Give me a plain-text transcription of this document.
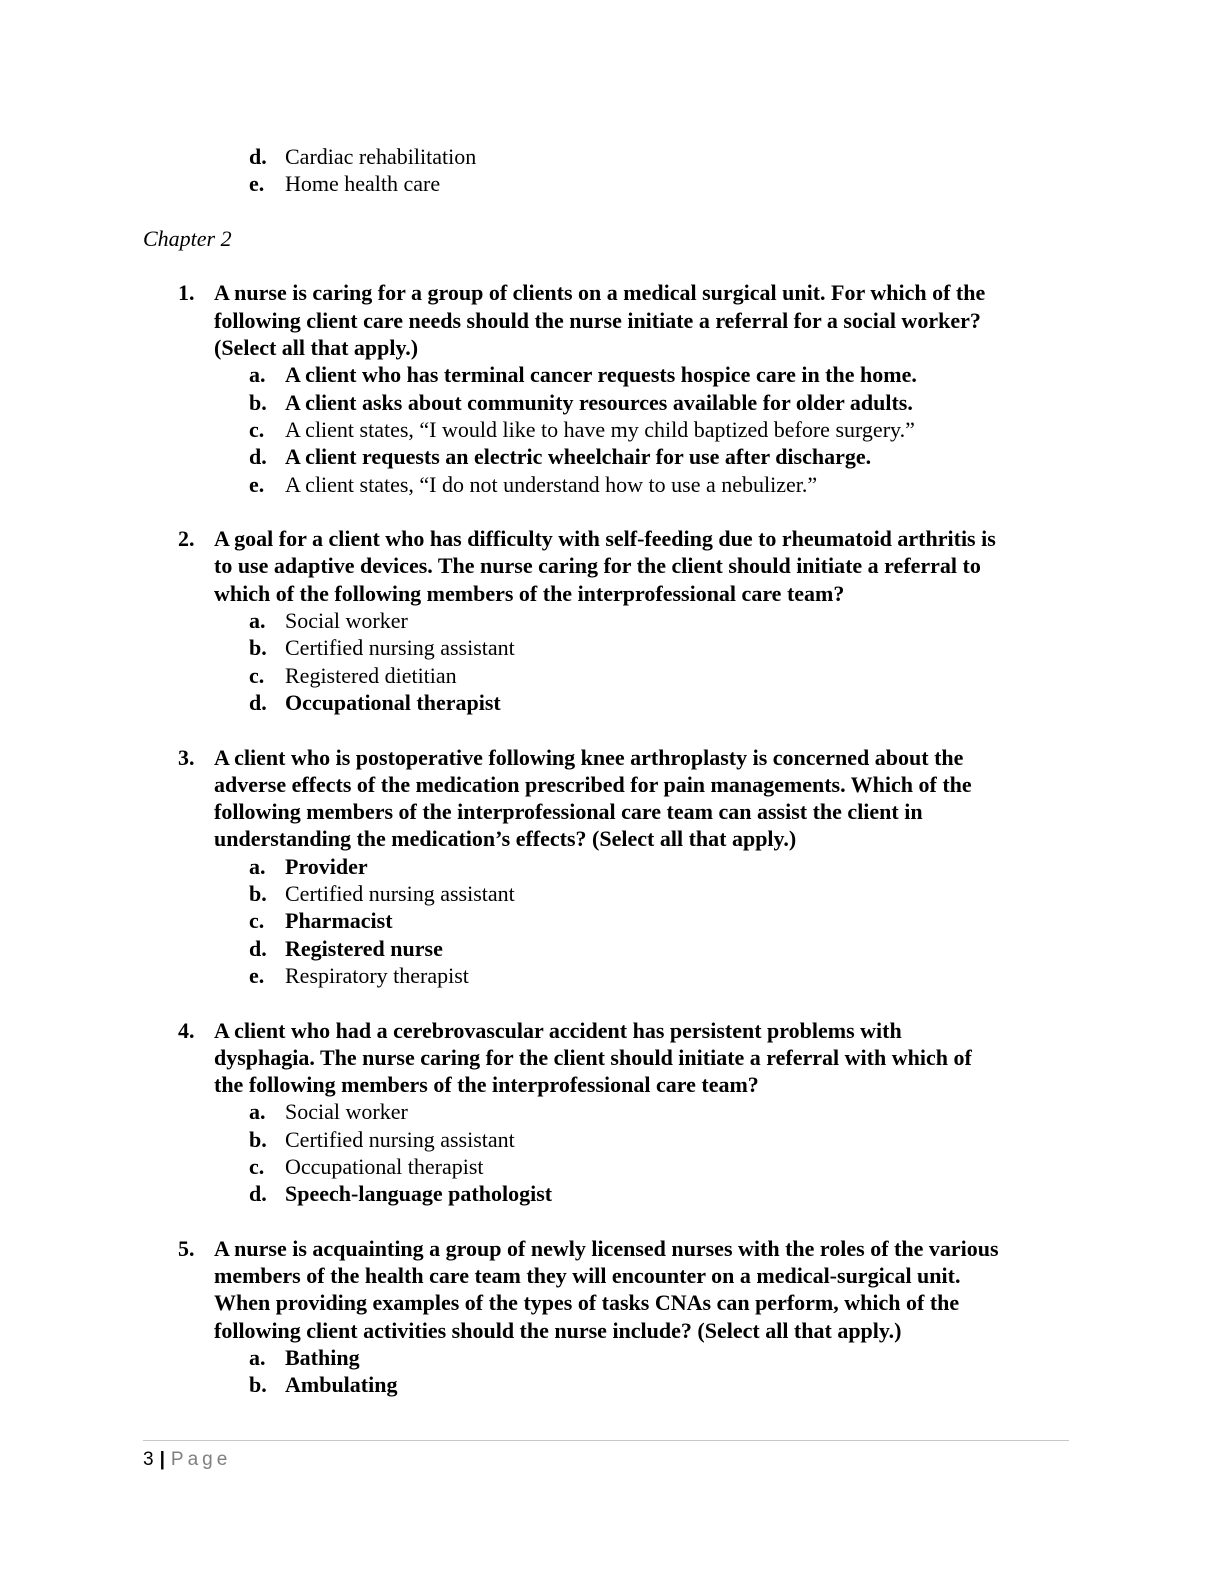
d. Cardiac rehabilitation
e. Home health care
Chapter 2
1. A nurse is caring for a group of clients on a medical surgical unit. For which of the
following client care needs should the nurse initiate a referral for a social worker?
(Select all that apply.)
a. A client who has terminal cancer requests hospice care in the home.
b. A client asks about community resources available for older adults.
c. A client states, “I would like to have my child baptized before surgery.”
d. A client requests an electric wheelchair for use after discharge.
e. A client states, “I do not understand how to use a nebulizer.”
2. A goal for a client who has difficulty with self-feeding due to rheumatoid arthritis is
to use adaptive devices. The nurse caring for the client should initiate a referral to
which of the following members of the interprofessional care team?
a. Social worker
b. Certified nursing assistant
c. Registered dietitian
d. Occupational therapist
3. A client who is postoperative following knee arthroplasty is concerned about the
adverse effects of the medication prescribed for pain managements. Which of the
following members of the interprofessional care team can assist the client in
understanding the medication’s effects? (Select all that apply.)
a. Provider
b. Certified nursing assistant
c. Pharmacist
d. Registered nurse
e. Respiratory therapist
4. A client who had a cerebrovascular accident has persistent problems with
dysphagia. The nurse caring for the client should initiate a referral with which of
the following members of the interprofessional care team?
a. Social worker
b. Certified nursing assistant
c. Occupational therapist
d. Speech-language pathologist
5. A nurse is acquainting a group of newly licensed nurses with the roles of the various
members of the health care team they will encounter on a medical-surgical unit.
When providing examples of the types of tasks CNAs can perform, which of the
following client activities should the nurse include? (Select all that apply.)
a. Bathing
b. Ambulating
3 | Page
